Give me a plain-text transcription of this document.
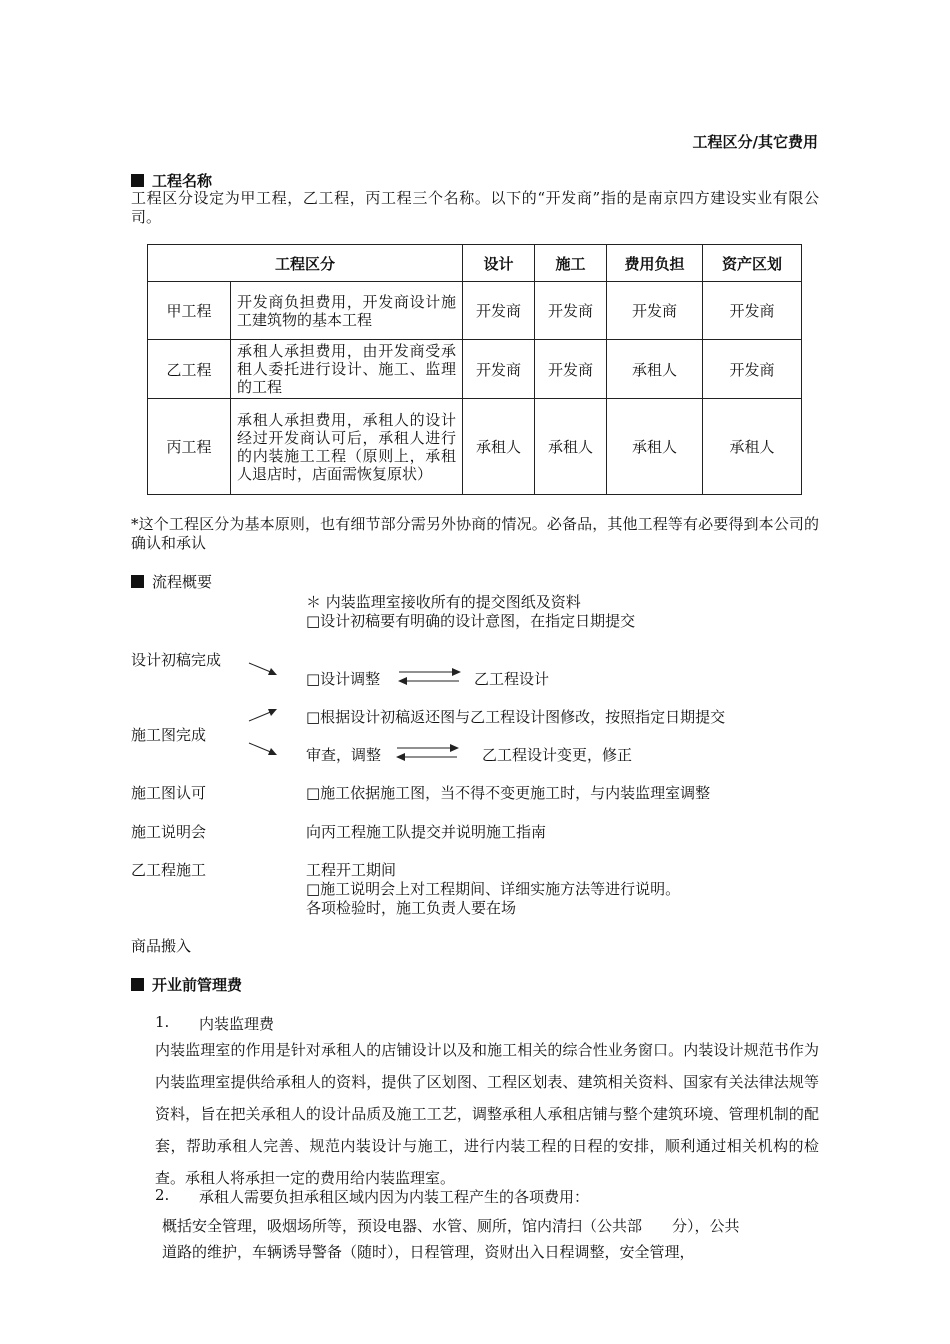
工程区分/其它费用
工程名称
工程区分设定为甲工程，乙工程，丙工程三个名称。以下的“开发商”指的是南京四方建设实业有限公司。
工程区分		设计	施工	费用负担	资产区划
甲工程	开发商负担费用，开发商设计施工建筑物的基本工程	开发商	开发商	开发商	开发商
乙工程	承租人承担费用，由开发商受承租人委托进行设计、施工、监理的工程	开发商	开发商	承租人	开发商
丙工程	承租人承担费用，承租人的设计经过开发商认可后，承租人进行的内装施工工程（原则上，承租人退店时，店面需恢复原状）	承租人	承租人	承租人	承租人
*这个工程区分为基本原则，也有细节部分需另外协商的情况。必备品，其他工程等有必要得到本公司的确认和承认
流程概要
＊ 内装监理室接收所有的提交图纸及资料
□设计初稿要有明确的设计意图，在指定日期提交
设计初稿完成
施工图完成
施工图认可
施工说明会
乙工程施工
商品搬入
□设计调整	乙工程设计
□根据设计初稿返还图与乙工程设计图修改，按照指定日期提交
审查，调整	乙工程设计变更，修正
□施工依据施工图，当不得不变更施工时，与内装监理室调整
向丙工程施工队提交并说明施工指南
工程开工期间
□施工说明会上对工程期间、详细实施方法等进行说明。
各项检验时，施工负责人要在场
开业前管理费
1. 内装监理费
内装监理室的作用是针对承租人的店铺设计以及和施工相关的综合性业务窗口。内装设计规范书作为内装监理室提供给承租人的资料，提供了区划图、工程区划表、建筑相关资料、国家有关法律法规等资料，旨在把关承租人的设计品质及施工工艺，调整承租人承租店铺与整个建筑环境、管理机制的配套，帮助承租人完善、规范内装设计与施工，进行内装工程的日程的安排，顺利通过相关机构的检查。承租人将承担一定的费用给内装监理室。
2. 承租人需要负担承租区域内因为内装工程产生的各项费用：
概括安全管理，吸烟场所等，预设电器、水管、厕所，馆内清扫（公共部　　分），公共
道路的维护，车辆诱导警备（随时），日程管理，资财出入日程调整，安全管理，
